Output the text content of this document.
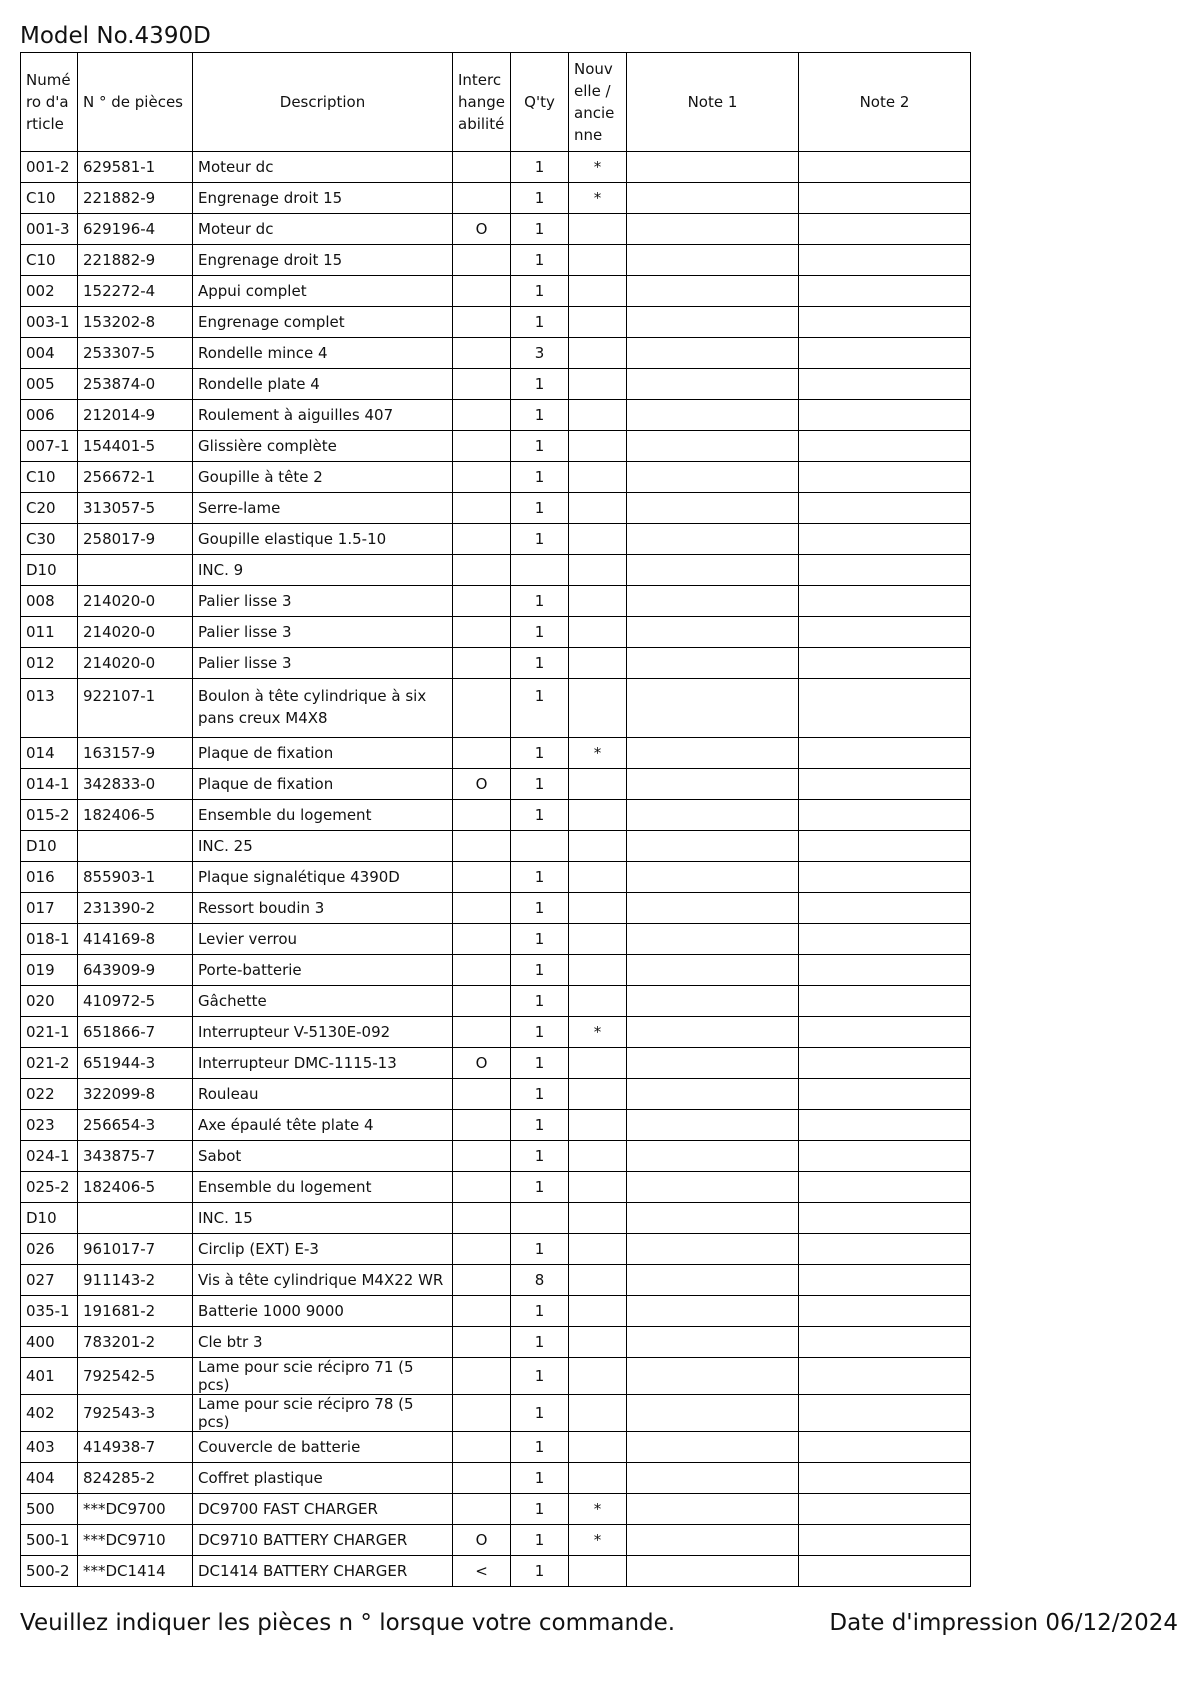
Model No.4390D
Numéro d'article	N ° de pièces	Description	Interchangeabilité	Q'ty	Nouvelle / ancienne	Note 1	Note 2
001-2	629581-1	Moteur dc		1	*		
C10	221882-9	Engrenage droit 15		1	*		
001-3	629196-4	Moteur dc	O	1			
C10	221882-9	Engrenage droit 15		1			
002	152272-4	Appui complet		1			
003-1	153202-8	Engrenage complet		1			
004	253307-5	Rondelle mince 4		3			
005	253874-0	Rondelle plate 4		1			
006	212014-9	Roulement à aiguilles 407		1			
007-1	154401-5	Glissière complète		1			
C10	256672-1	Goupille à tête 2		1			
C20	313057-5	Serre-lame		1			
C30	258017-9	Goupille elastique 1.5-10		1			
D10		INC. 9					
008	214020-0	Palier lisse 3		1			
011	214020-0	Palier lisse 3		1			
012	214020-0	Palier lisse 3		1			
013	922107-1	Boulon à tête cylindrique à six pans creux M4X8		1			
014	163157-9	Plaque de fixation		1	*		
014-1	342833-0	Plaque de fixation	O	1			
015-2	182406-5	Ensemble du logement		1			
D10		INC. 25					
016	855903-1	Plaque signalétique 4390D		1			
017	231390-2	Ressort boudin 3		1			
018-1	414169-8	Levier verrou		1			
019	643909-9	Porte-batterie		1			
020	410972-5	Gâchette		1			
021-1	651866-7	Interrupteur V-5130E-092		1	*		
021-2	651944-3	Interrupteur DMC-1115-13	O	1			
022	322099-8	Rouleau		1			
023	256654-3	Axe épaulé tête plate 4		1			
024-1	343875-7	Sabot		1			
025-2	182406-5	Ensemble du logement		1			
D10		INC. 15					
026	961017-7	Circlip (EXT) E-3		1			
027	911143-2	Vis à tête cylindrique M4X22 WR		8			
035-1	191681-2	Batterie 1000 9000		1			
400	783201-2	Cle btr 3		1			
401	792542-5	Lame pour scie récipro 71 (5 pcs)		1			
402	792543-3	Lame pour scie récipro 78 (5 pcs)		1			
403	414938-7	Couvercle de batterie		1			
404	824285-2	Coffret plastique		1			
500	***DC9700	DC9700 FAST CHARGER		1	*		
500-1	***DC9710	DC9710 BATTERY CHARGER	O	1	*		
500-2	***DC1414	DC1414 BATTERY CHARGER	<	1			
Veuillez indiquer les pièces n ° lorsque votre commande.	Date d'impression 06/12/2024
